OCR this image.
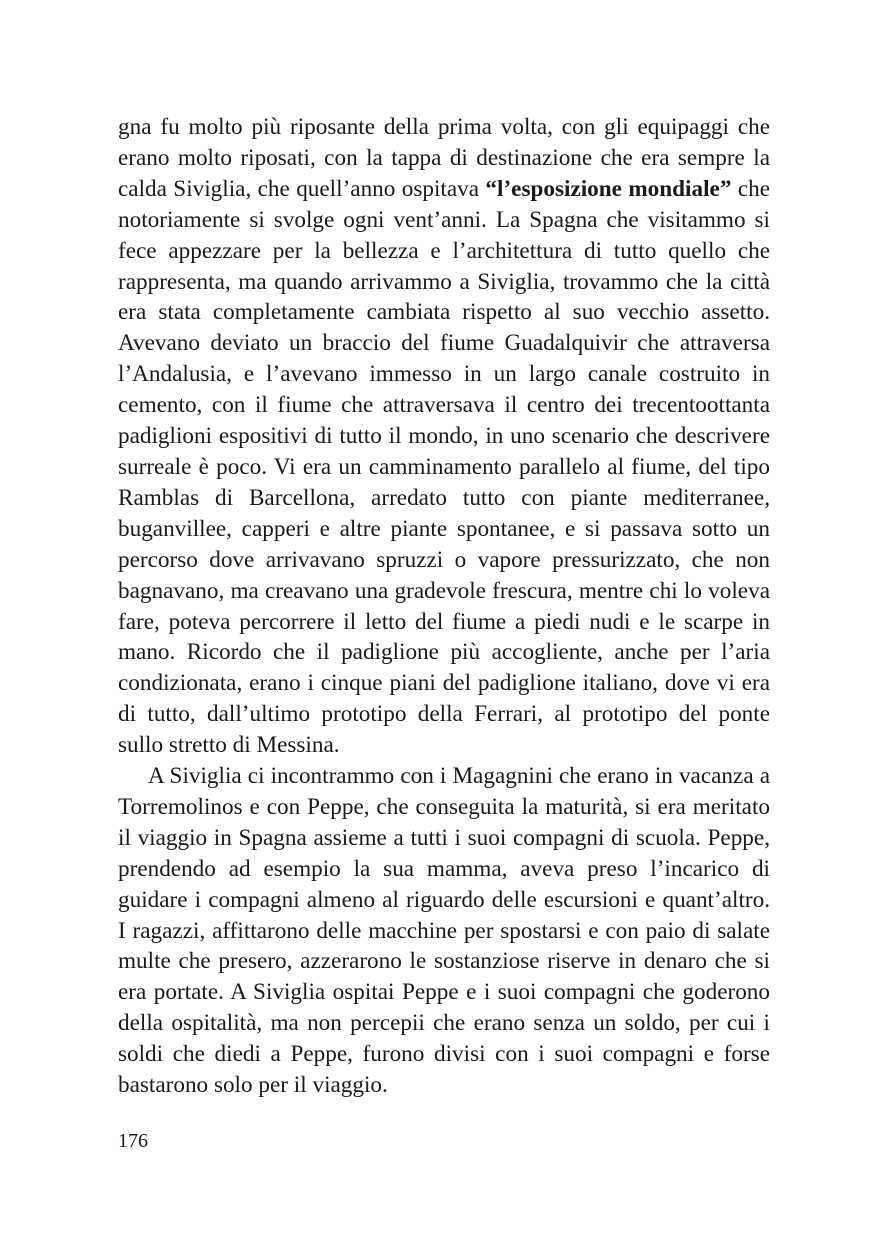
gna fu molto più riposante della prima volta, con gli equipaggi che erano molto riposati, con la tappa di destinazione che era sempre la calda Siviglia, che quell’anno ospitava “l’esposizione mondiale” che notoriamente si svolge ogni vent’anni. La Spagna che visitammo si fece appezzare per la bellezza e l’architettura di tutto quello che rappresenta, ma quando arrivammo a Siviglia, trovammo che la città era stata completamente cambiata rispetto al suo vecchio assetto. Avevano deviato un braccio del fiume Guadalquivir che attraversa l’Andalusia, e l’avevano immesso in un largo canale costruito in cemento, con il fiume che attraversava il centro dei trecentoottanta padiglioni espositivi di tutto il mondo, in uno scenario che descrivere surreale è poco. Vi era un camminamento parallelo al fiume, del tipo Ramblas di Barcellona, arredato tutto con piante mediterranee, buganvillee, capperi e altre piante spontanee, e si passava sotto un percorso dove arrivavano spruzzi o vapore pressurizzato, che non bagnavano, ma creavano una gradevole frescura, mentre chi lo voleva fare, poteva percorrere il letto del fiume a piedi nudi e le scarpe in mano. Ricordo che il padiglione più accogliente, anche per l’aria condizionata, erano i cinque piani del padiglione italiano, dove vi era di tutto, dall’ultimo prototipo della Ferrari, al prototipo del ponte sullo stretto di Messina.

A Siviglia ci incontrammo con i Magagnini che erano in vacanza a Torremolinos e con Peppe, che conseguita la maturità, si era meritato il viaggio in Spagna assieme a tutti i suoi compagni di scuola. Peppe, prendendo ad esempio la sua mamma, aveva preso l’incarico di guidare i compagni almeno al riguardo delle escursioni e quant’altro. I ragazzi, affittarono delle macchine per spostarsi e con paio di salate multe che presero, azzerarono le sostanziose riserve in denaro che si era portate. A Siviglia ospitai Peppe e i suoi compagni che goderono della ospitalità, ma non percepii che erano senza un soldo, per cui i soldi che diedi a Peppe, furono divisi con i suoi compagni e forse bastarono solo per il viaggio.

176
